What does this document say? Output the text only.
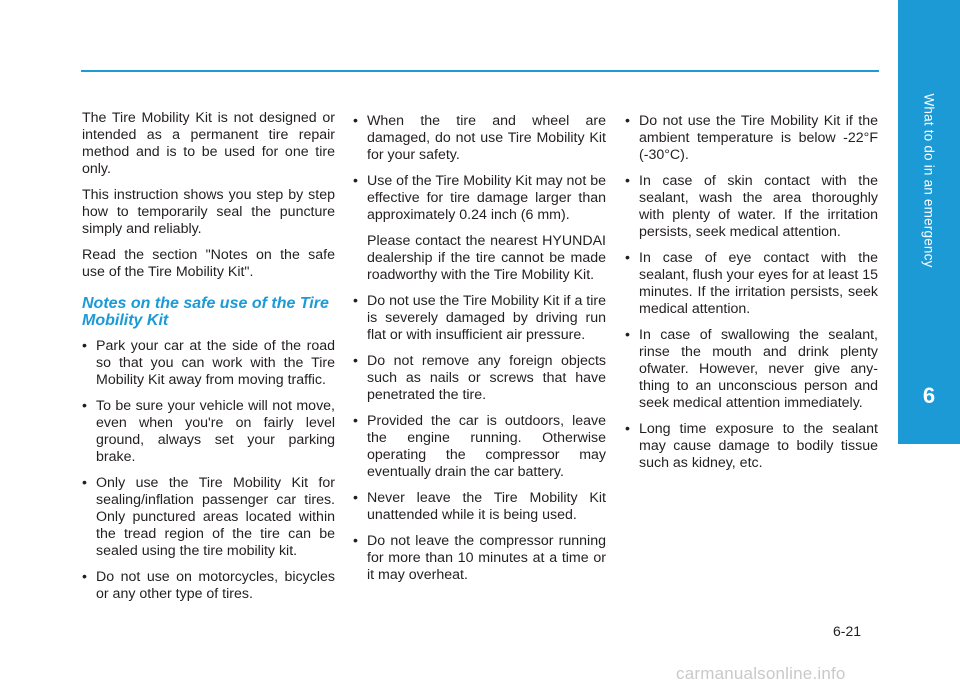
What to do in an emergency
6

The Tire Mobility Kit is not designed or intended as a permanent tire repair method and is to be used for one tire only.

This instruction shows you step by step how to temporarily seal the puncture simply and reliably.

Read the section "Notes on the safe use of the Tire Mobility Kit".

Notes on the safe use of the Tire Mobility Kit
• Park your car at the side of the road so that you can work with the Tire Mobility Kit away from moving traffic.
• To be sure your vehicle will not move, even when you're on fairly level ground, always set your parking brake.
• Only use the Tire Mobility Kit for sealing/inflation passenger car tires. Only punctured areas located within the tread region of the tire can be sealed using the tire mobility kit.
• Do not use on motorcycles, bicycles or any other type of tires.
• When the tire and wheel are damaged, do not use Tire Mobility Kit for your safety.
• Use of the Tire Mobility Kit may not be effective for tire damage larger than approximately 0.24 inch (6 mm).

Please contact the nearest HYUNDAI dealership if the tire cannot be made roadworthy with the Tire Mobility Kit.

• Do not use the Tire Mobility Kit if a tire is severely damaged by driving run flat or with insufficient air pressure.
• Do not remove any foreign objects such as nails or screws that have penetrated the tire.
• Provided the car is outdoors, leave the engine running. Otherwise operating the compressor may eventually drain the car battery.
• Never leave the Tire Mobility Kit unattended while it is being used.
• Do not leave the compressor running for more than 10 minutes at a time or it may overheat.
• Do not use the Tire Mobility Kit if the ambient temperature is below -22°F (-30°C).
• In case of skin contact with the sealant, wash the area thoroughly with plenty of water. If the irritation persists, seek medical attention.
• In case of eye contact with the sealant, flush your eyes for at least 15 minutes. If the irritation persists, seek medical attention.
• In case of swallowing the sealant, rinse the mouth and drink plenty ofwater. However, never give any-thing to an unconscious person and seek medical attention immediately.
• Long time exposure to the sealant may cause damage to bodily tissue such as kidney, etc.
6-21
carmanualsonline.info
